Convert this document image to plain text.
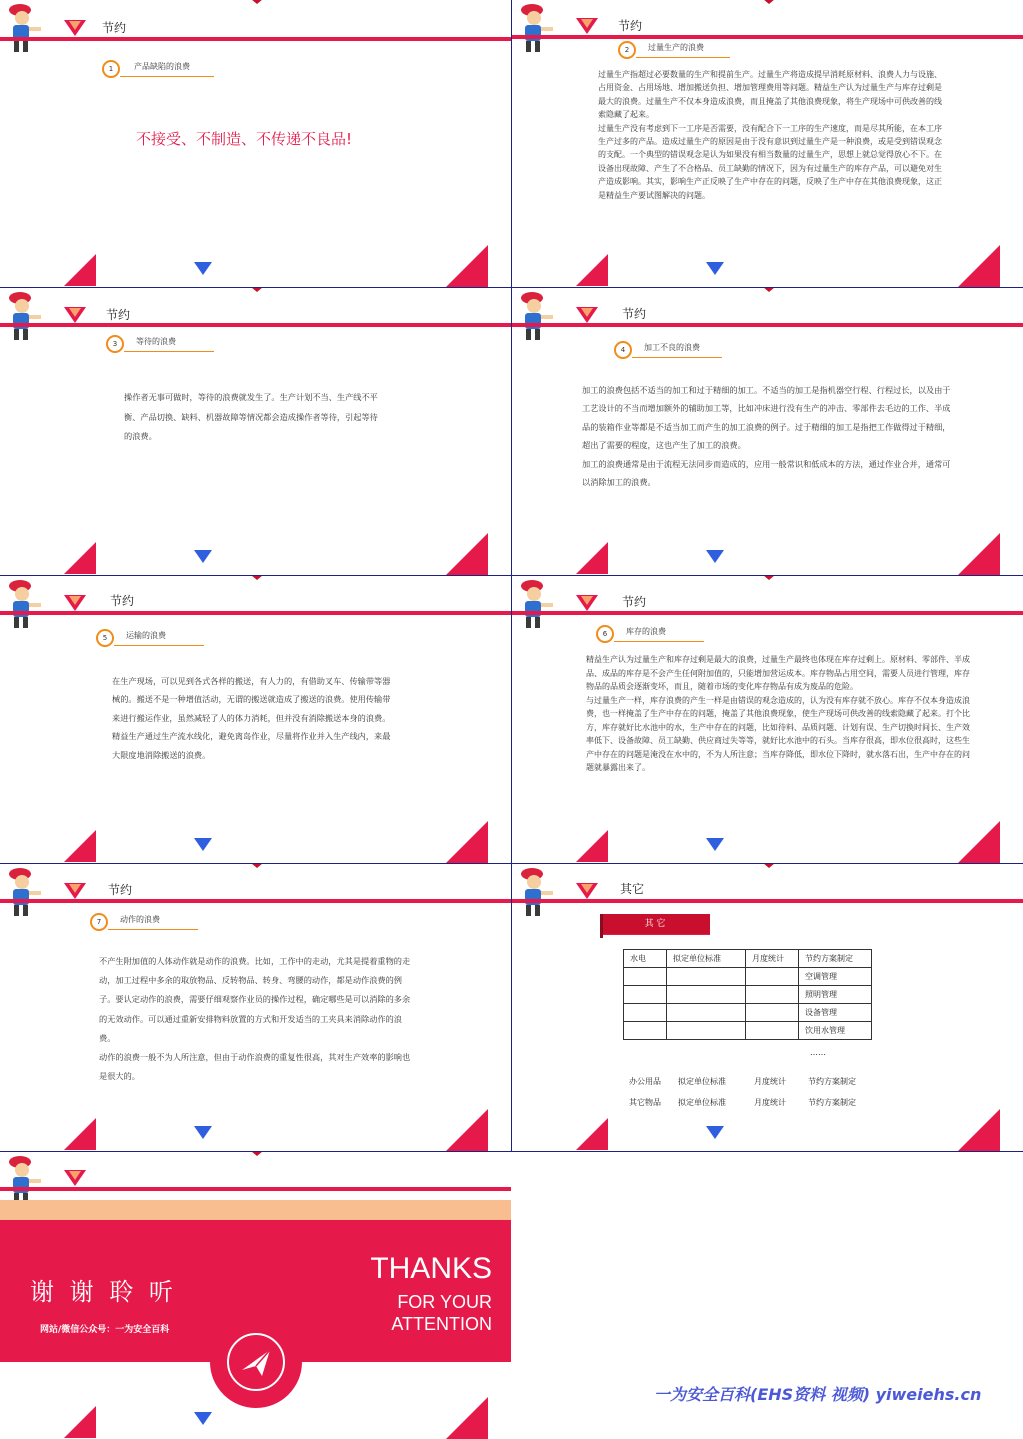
节约
1	产品缺陷的浪费
不接受、不制造、不传递不良品!
节约
2	过量生产的浪费

过量生产指超过必要数量的生产和提前生产。过量生产将造成提早消耗原材料、浪费人力与设施、占用资金、占用场地、增加搬送负担、增加管理费用等问题。精益生产认为过量生产与库存过剩是最大的浪费。过量生产不仅本身造成浪费，而且掩盖了其他浪费现象，将生产现场中可供改善的线索隐藏了起来。

过量生产没有考虑到下一工序是否需要，没有配合下一工序的生产速度，而是尽其所能，在本工序生产过多的产品。造成过量生产的原因是由于没有意识到过量生产是一种浪费，或是受到错误观念的支配。一个典型的错误观念是认为如果没有相当数量的过量生产，思想上就总觉得放心不下。在设备出现故障、产生了不合格品、员工缺勤的情况下，因为有过量生产的库存产品，可以避免对生产造成影响。其实，影响生产正反映了生产中存在的问题，反映了生产中存在其他浪费现象，这正是精益生产要试图解决的问题。

节约
3	等待的浪费

操作者无事可做时，等待的浪费就发生了。生产计划不当、生产线不平衡、产品切换、缺料、机器故障等情况都会造成操作者等待，引起等待的浪费。

节约
4	加工不良的浪费

加工的浪费包括不适当的加工和过于精细的加工。不适当的加工是指机器空行程、行程过长，以及由于工艺设计的不当而增加额外的辅助加工等，比如冲床进行没有生产的冲击、零部件去毛边的工作、半成品的装箱作业等都是不适当加工而产生的加工浪费的例子。过于精细的加工是指把工作做得过于精细，超出了需要的程度，这也产生了加工的浪费。

加工的浪费通常是由于流程无法同步而造成的，应用一般常识和低成本的方法，通过作业合并，通常可以消除加工的浪费。

节约
5	运输的浪费

在生产现场，可以见到各式各样的搬送，有人力的，有借助叉车、传输带等器械的。搬送不是一种增值活动，无谓的搬送就造成了搬送的浪费。使用传输带来进行搬运作业，虽然减轻了人的体力消耗，但并没有消除搬送本身的浪费。

精益生产通过生产流水线化，避免离岛作业，尽量将作业并入生产线内，来最大限度地消除搬送的浪费。

节约
6	库存的浪费

精益生产认为过量生产和库存过剩是最大的浪费，过量生产最终也体现在库存过剩上。原材料、零部件、半成品、成品的库存是不会产生任何附加值的，只能增加营运成本。库存物品占用空间，需要人员进行管理，库存物品的品质会逐渐变坏，而且，随着市场的变化库存物品有成为废品的危险。

与过量生产一样，库存浪费的产生一样是由错误的观念造成的，认为没有库存就不放心。库存不仅本身造成浪费，也一样掩盖了生产中存在的问题，掩盖了其他浪费现象，使生产现场可供改善的线索隐藏了起来。打个比方，库存就好比水池中的水，生产中存在的问题，比如待料、品质问题、计划有误、生产切换时间长、生产效率低下、设备故障、员工缺勤、供应商过失等等，就好比水池中的石头。当库存很高，即水位很高时，这些生产中存在的问题是淹没在水中的，不为人所注意；当库存降低，即水位下降时，就水落石出，生产中存在的问题就暴露出来了。

节约
7	动作的浪费

不产生附加值的人体动作就是动作的浪费。比如，工作中的走动，尤其是提着重物的走动，加工过程中多余的取放物品、反转物品、转身、弯腰的动作，都是动作浪费的例子。要认定动作的浪费，需要仔细观察作业员的操作过程，确定哪些是可以消除的多余的无效动作。可以通过重新安排物料放置的方式和开发适当的工夹具来消除动作的浪费。

动作的浪费一般不为人所注意，但由于动作浪费的重复性很高，其对生产效率的影响也是很大的。

其它
其 它
水电	拟定单位标准	月度统计	节约方案制定
			空调管理
			照明管理
			设备管理
			饮用水管理
……
办公用品 拟定单位标准	月度统计	节约方案制定
其它物品 拟定单位标准	月度统计	节约方案制定
谢 谢 聆 听
网站/微信公众号：一为安全百科
THANKS
FOR YOUR
ATTENTION
一为安全百科(EHS资料 视频) yiweiehs.cn
